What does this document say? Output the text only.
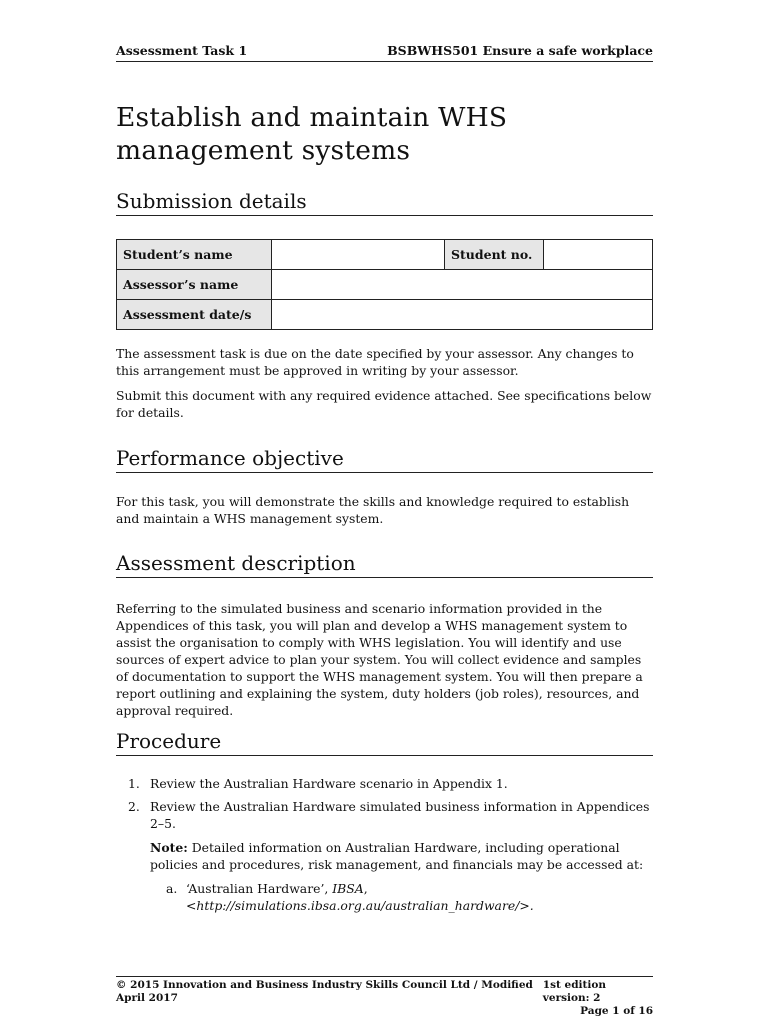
Assessment Task 1	BSBWHS501 Ensure a safe workplace
Establish and maintain WHS
management systems
Submission details
Student’s name		Student no.	
Assessor’s name			
Assessment date/s			

The assessment task is due on the date specified by your assessor. Any changes to this arrangement must be approved in writing by your assessor.

Submit this document with any required evidence attached. See specifications below for details.

Performance objective

For this task, you will demonstrate the skills and knowledge required to establish and maintain a WHS management system.

Assessment description

Referring to the simulated business and scenario information provided in the Appendices of this task, you will plan and develop a WHS management system to assist the organisation to comply with WHS legislation. You will identify and use sources of expert advice to plan your system. You will collect evidence and samples of documentation to support the WHS management system. You will then prepare a report outlining and explaining the system, duty holders (job roles), resources, and approval required.

Procedure
1. Review the Australian Hardware scenario in Appendix 1.
2. Review the Australian Hardware simulated business information in Appendices
2–5.
Note: Detailed information on Australian Hardware, including operational policies and procedures, risk management, and financials may be accessed at:
a. ‘Australian Hardware’, IBSA,
<http://simulations.ibsa.org.au/australian_hardware/>.
© 2015 Innovation and Business Industry Skills Council Ltd / Modified April 2017
1st edition version: 2
Page 1 of 16
